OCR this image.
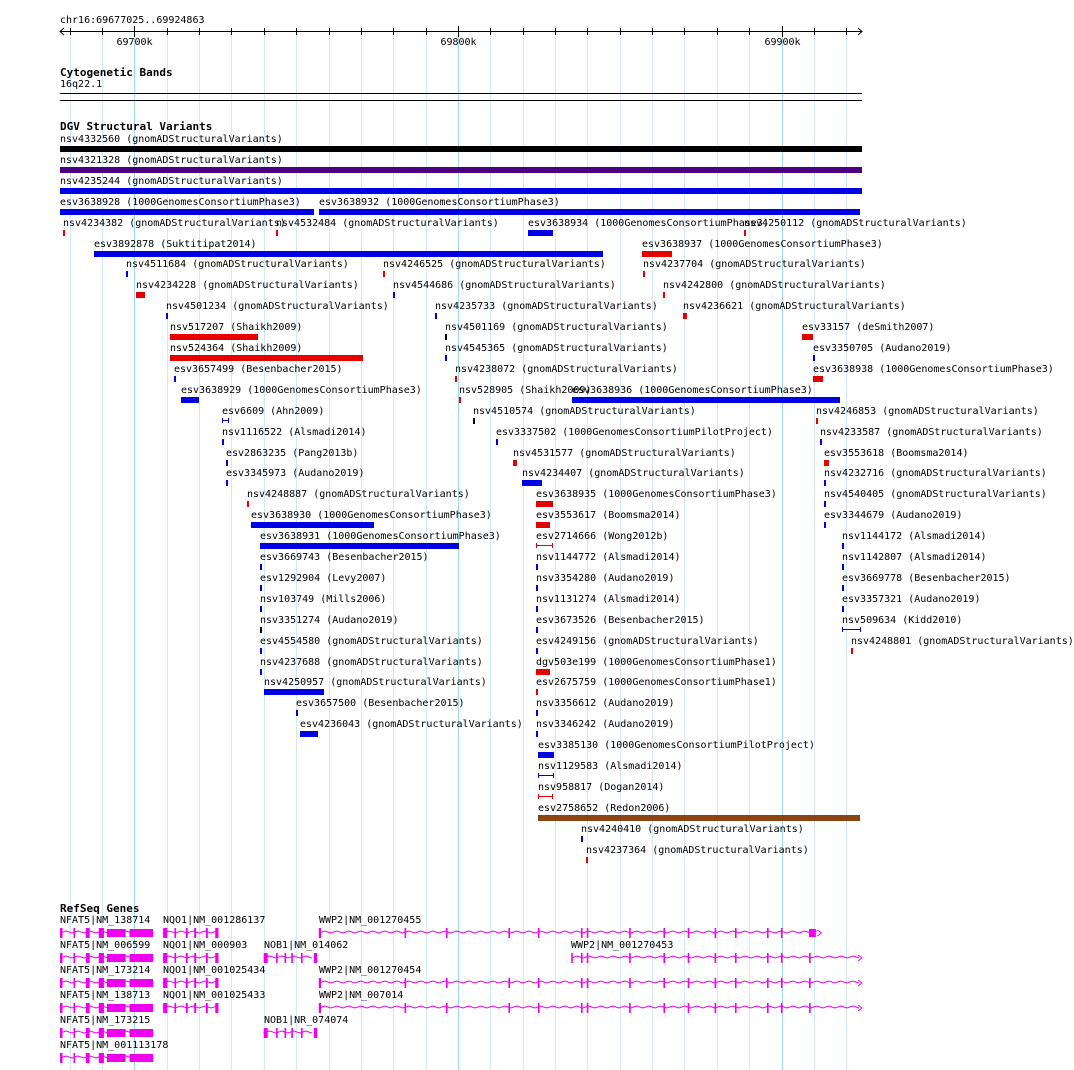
chr16:69677025..69924863
69700k	69800k	69900k
Cytogenetic Bands
16q22.1
DGV Structural Variants
nsv4332560 (gnomADStructuralVariants)
nsv4321328 (gnomADStructuralVariants)
nsv4235244 (gnomADStructuralVariants)
esv3638928 (1000GenomesConsortiumPhase3) esv3638932 (1000GenomesConsortiumPhase3)
nsv4234382 (gnomADStructuralVariants)
nsv4532484 (gnomADStructuralVariants)	esv3638934 (1000GenomesConsortiumPhase3)
nsv4250112 (gnomADStructuralVariants)
esv3892878 (Suktitipat2014)	esv3638937 (1000GenomesConsortiumPhase3)
nsv4511684 (gnomADStructuralVariants)	nsv4246525 (gnomADStructuralVariants)	nsv4237704 (gnomADStructuralVariants)
nsv4234228 (gnomADStructuralVariants)	nsv4544686 (gnomADStructuralVariants)	nsv4242800 (gnomADStructuralVariants)
nsv4501234 (gnomADStructuralVariants)	nsv4235733 (gnomADStructuralVariants)	nsv4236621 (gnomADStructuralVariants)
nsv517207 (Shaikh2009)	nsv4501169 (gnomADStructuralVariants)	esv33157 (deSmith2007)
nsv524364 (Shaikh2009)	nsv4545365 (gnomADStructuralVariants)	esv3350705 (Audano2019)
esv3657499 (Besenbacher2015)	nsv4238072 (gnomADStructuralVariants)	esv3638938 (1000GenomesConsortiumPhase3)
esv3638929 (1000GenomesConsortiumPhase3)	nsv528905 (Shaikh2009)
esv3638936 (1000GenomesConsortiumPhase3)
esv6609 (Ahn2009)	nsv4510574 (gnomADStructuralVariants)	nsv4246853 (gnomADStructuralVariants)
nsv1116522 (Alsmadi2014)	esv3337502 (1000GenomesConsortiumPilotProject)	nsv4233587 (gnomADStructuralVariants)
esv2863235 (Pang2013b)	nsv4531577 (gnomADStructuralVariants)	esv3553618 (Boomsma2014)
esv3345973 (Audano2019)	nsv4234407 (gnomADStructuralVariants)	nsv4232716 (gnomADStructuralVariants)
nsv4248887 (gnomADStructuralVariants)	esv3638935 (1000GenomesConsortiumPhase3)	nsv4540405 (gnomADStructuralVariants)
esv3638930 (1000GenomesConsortiumPhase3)	esv3553617 (Boomsma2014)	esv3344679 (Audano2019)
esv3638931 (1000GenomesConsortiumPhase3)	esv2714666 (Wong2012b)	nsv1144172 (Alsmadi2014)
esv3669743 (Besenbacher2015)	nsv1144772 (Alsmadi2014)	nsv1142807 (Alsmadi2014)
esv1292904 (Levy2007)	nsv3354280 (Audano2019)	esv3669778 (Besenbacher2015)
nsv103749 (Mills2006)	nsv1131274 (Alsmadi2014)	esv3357321 (Audano2019)
nsv3351274 (Audano2019)	esv3673526 (Besenbacher2015)	nsv509634 (Kidd2010)
esv4554580 (gnomADStructuralVariants)	esv4249156 (gnomADStructuralVariants)	nsv4248801 (gnomADStructuralVariants)
nsv4237688 (gnomADStructuralVariants)	dgv503e199 (1000GenomesConsortiumPhase1)
nsv4250957 (gnomADStructuralVariants)	esv2675759 (1000GenomesConsortiumPhase1)
esv3657500 (Besenbacher2015)	nsv3356612 (Audano2019)
esv4236043 (gnomADStructuralVariants) nsv3346242 (Audano2019)
esv3385130 (1000GenomesConsortiumPilotProject)
nsv1129583 (Alsmadi2014)
nsv958817 (Dogan2014)
esv2758652 (Redon2006)
nsv4240410 (gnomADStructuralVariants)
nsv4237364 (gnomADStructuralVariants)
RefSeq Genes
NFAT5|NM_138714 NQO1|NM_001286137	WWP2|NM_001270455
NFAT5|NM_006599 NQO1|NM_000903 NOB1|NM_014062	WWP2|NM_001270453
NFAT5|NM_173214 NQO1|NM_001025434	WWP2|NM_001270454
NFAT5|NM_138713 NQO1|NM_001025433	WWP2|NM_007014
NFAT5|NM_173215	NOB1|NR_074074
NFAT5|NM_001113178
